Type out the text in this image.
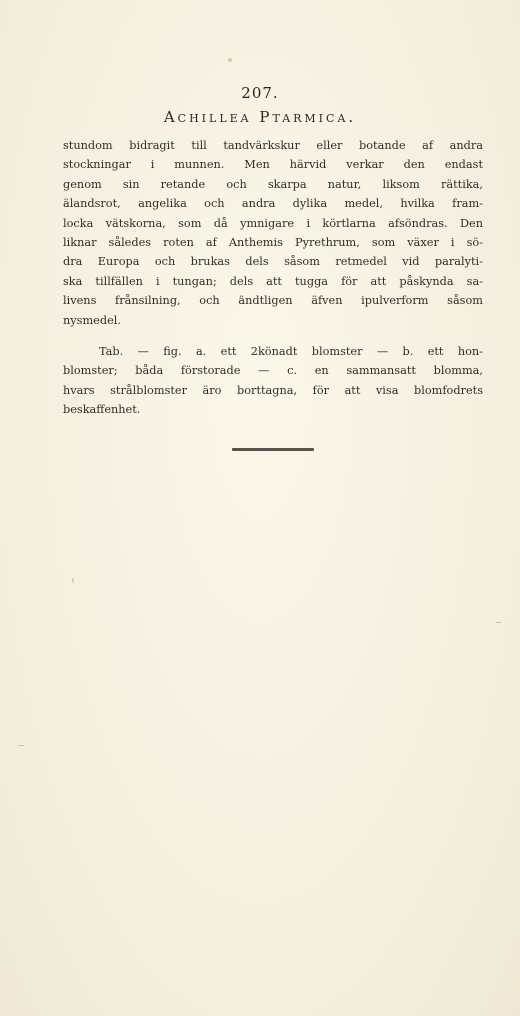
207.
Achillea Ptarmica.
stundom bidragit till tandvärkskur eller botande af andra
stockningar i munnen. Men härvid verkar den endast
genom sin retande och skarpa natur, liksom rättika,
älandsrot, angelika och andra dylika medel, hvilka fram-
locka vätskorna, som då ymnigare i körtlarna afsöndras. Den
liknar således roten af Anthemis Pyrethrum, som växer i sö-
dra Europa och brukas dels såsom retmedel vid paralyti-
ska tillfällen i tungan; dels att tugga för att påskynda sa-
livens frånsilning, och ändtligen äfven ipulverform såsom
nysmedel.
Tab. — fig. a. ett 2könadt blomster — b. ett hon-
blomster; båda förstorade — c. en sammansatt blomma,
hvars strålblomster äro borttagna, för att visa blomfodrets
beskaffenhet.
